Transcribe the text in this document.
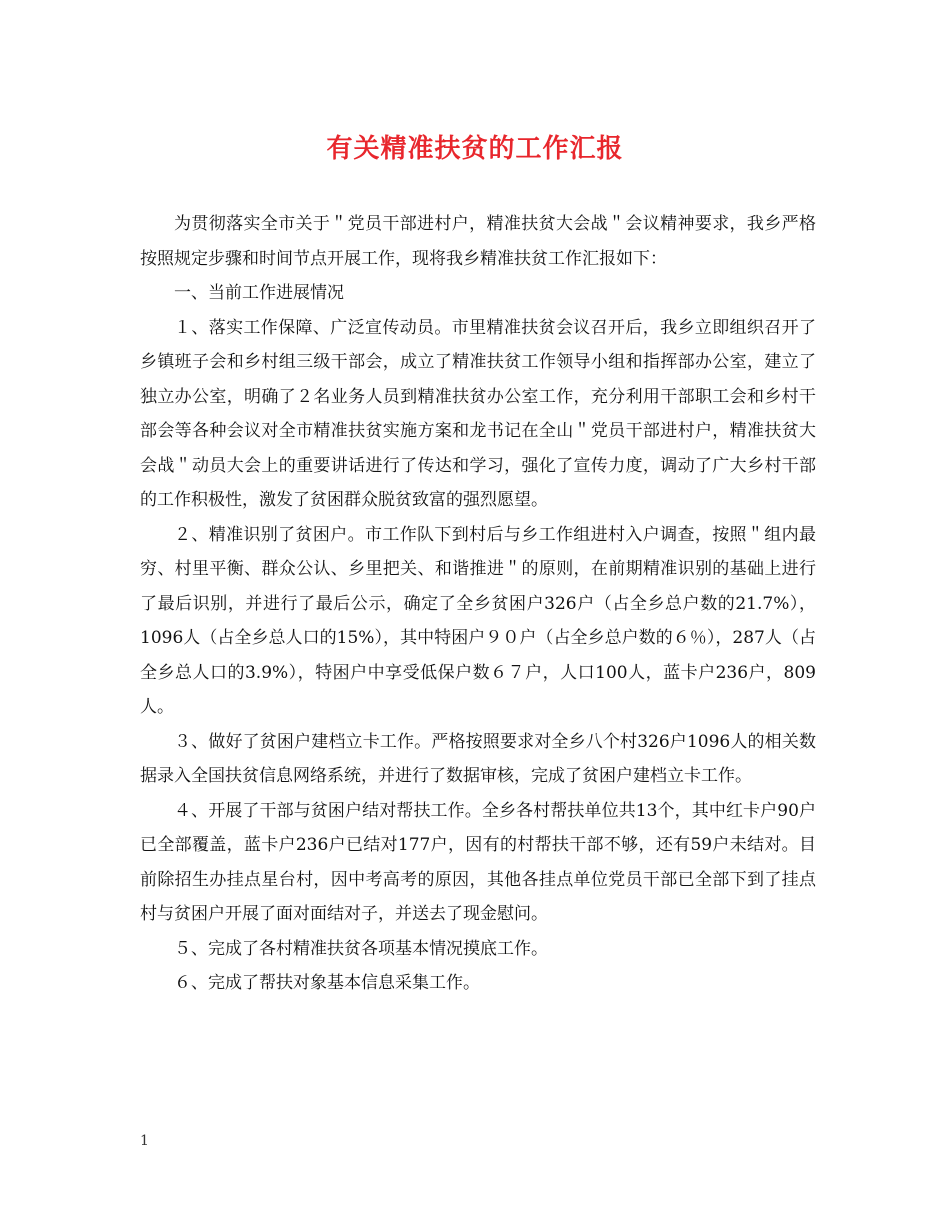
有关精准扶贫的工作汇报

为贯彻落实全市关于＂党员干部进村户，精准扶贫大会战＂会议精神要求，我乡严格按照规定步骤和时间节点开展工作，现将我乡精准扶贫工作汇报如下：

一、当前工作进展情况

１、落实工作保障、广泛宣传动员。市里精准扶贫会议召开后，我乡立即组织召开了乡镇班子会和乡村组三级干部会，成立了精准扶贫工作领导小组和指挥部办公室，建立了独立办公室，明确了２名业务人员到精准扶贫办公室工作，充分利用干部职工会和乡村干部会等各种会议对全市精准扶贫实施方案和龙书记在全山＂党员干部进村户，精准扶贫大会战＂动员大会上的重要讲话进行了传达和学习，强化了宣传力度，调动了广大乡村干部的工作积极性，激发了贫困群众脱贫致富的强烈愿望。

２、精准识别了贫困户。市工作队下到村后与乡工作组进村入户调查，按照＂组内最穷、村里平衡、群众公认、乡里把关、和谐推进＂的原则，在前期精准识别的基础上进行了最后识别，并进行了最后公示，确定了全乡贫困户326户（占全乡总户数的21.7%），1096人（占全乡总人口的15%），其中特困户９０户（占全乡总户数的６％），287人（占全乡总人口的3.9%），特困户中享受低保户数６７户，人口100人，蓝卡户236户，809人。

３、做好了贫困户建档立卡工作。严格按照要求对全乡八个村326户1096人的相关数据录入全国扶贫信息网络系统，并进行了数据审核，完成了贫困户建档立卡工作。

４、开展了干部与贫困户结对帮扶工作。全乡各村帮扶单位共13个，其中红卡户90户已全部覆盖，蓝卡户236户已结对177户，因有的村帮扶干部不够，还有59户未结对。目前除招生办挂点星台村，因中考高考的原因，其他各挂点单位党员干部已全部下到了挂点村与贫困户开展了面对面结对子，并送去了现金慰问。

５、完成了各村精准扶贫各项基本情况摸底工作。

６、完成了帮扶对象基本信息采集工作。

1
